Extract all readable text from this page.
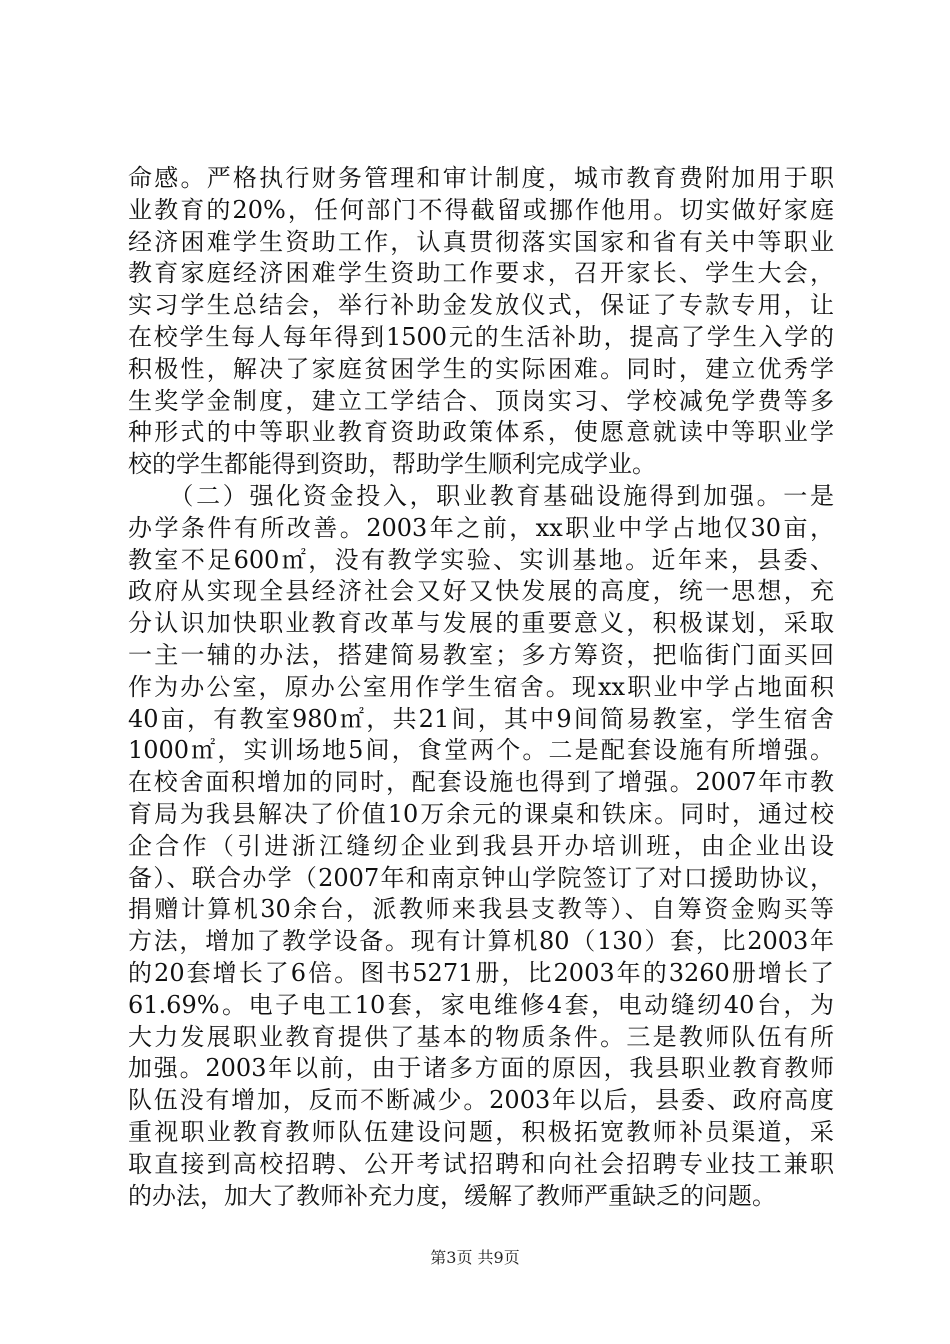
命感。严格执行财务管理和审计制度，城市教育费附加用于职
业教育的20%，任何部门不得截留或挪作他用。切实做好家庭
经济困难学生资助工作，认真贯彻落实国家和省有关中等职业
教育家庭经济困难学生资助工作要求，召开家长、学生大会，
实习学生总结会，举行补助金发放仪式，保证了专款专用，让
在校学生每人每年得到1500元的生活补助，提高了学生入学的
积极性，解决了家庭贫困学生的实际困难。同时，建立优秀学
生奖学金制度，建立工学结合、顶岗实习、学校减免学费等多
种形式的中等职业教育资助政策体系，使愿意就读中等职业学
校的学生都能得到资助，帮助学生顺利完成学业。
　　（二）强化资金投入，职业教育基础设施得到加强。一是
办学条件有所改善。2003年之前，xx职业中学占地仅30亩，
教室不足600㎡，没有教学实验、实训基地。近年来，县委、
政府从实现全县经济社会又好又快发展的高度，统一思想，充
分认识加快职业教育改革与发展的重要意义，积极谋划，采取
一主一辅的办法，搭建简易教室；多方筹资，把临街门面买回
作为办公室，原办公室用作学生宿舍。现xx职业中学占地面积
40亩，有教室980㎡，共21间，其中9间简易教室，学生宿舍
1000㎡，实训场地5间，食堂两个。二是配套设施有所增强。
在校舍面积增加的同时，配套设施也得到了增强。2007年市教
育局为我县解决了价值10万余元的课桌和铁床。同时，通过校
企合作（引进浙江缝纫企业到我县开办培训班，由企业出设
备）、联合办学（2007年和南京钟山学院签订了对口援助协议，
捐赠计算机30余台，派教师来我县支教等）、自筹资金购买等
方法，增加了教学设备。现有计算机80（130）套，比2003年
的20套增长了6倍。图书5271册，比2003年的3260册增长了
61.69%。电子电工10套，家电维修4套，电动缝纫40台，为
大力发展职业教育提供了基本的物质条件。三是教师队伍有所
加强。2003年以前，由于诸多方面的原因，我县职业教育教师
队伍没有增加，反而不断减少。2003年以后，县委、政府高度
重视职业教育教师队伍建设问题，积极拓宽教师补员渠道，采
取直接到高校招聘、公开考试招聘和向社会招聘专业技工兼职
的办法，加大了教师补充力度，缓解了教师严重缺乏的问题。
第3页 共9页
